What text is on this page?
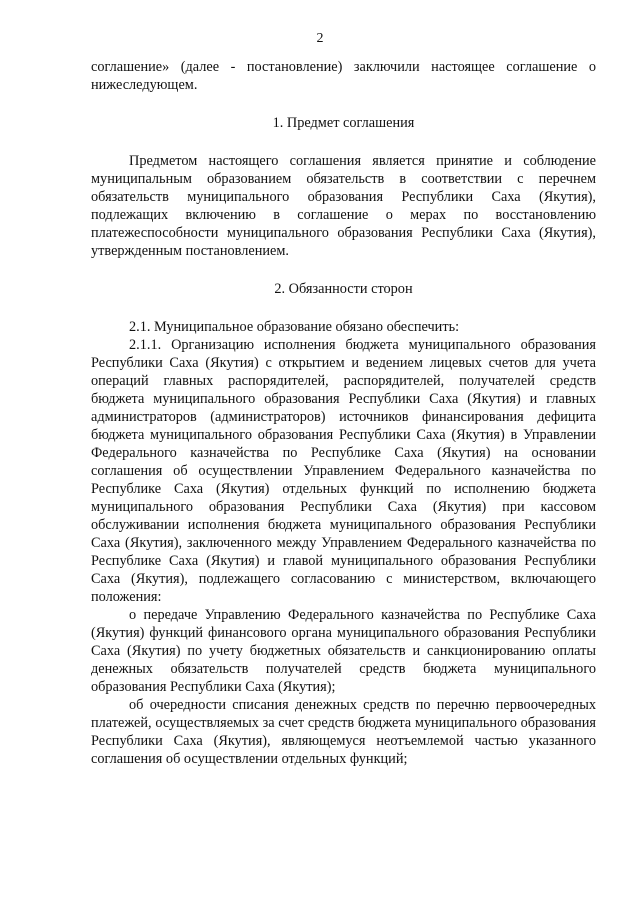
2

соглашение» (далее - постановление) заключили настоящее соглашение о нижеследующем.

1. Предмет соглашения

Предметом настоящего соглашения является принятие и соблюдение муниципальным образованием обязательств в соответствии с перечнем обязательств муниципального образования Республики Саха (Якутия), подлежащих включению в соглашение о мерах по восстановлению платежеспособности муниципального образования Республики Саха (Якутия), утвержденным постановлением.

2. Обязанности сторон

2.1. Муниципальное образование обязано обеспечить:

2.1.1. Организацию исполнения бюджета муниципального образования Республики Саха (Якутия) с открытием и ведением лицевых счетов для учета операций главных распорядителей, распорядителей, получателей средств бюджета муниципального образования Республики Саха (Якутия) и главных администраторов (администраторов) источников финансирования дефицита бюджета муниципального образования Республики Саха (Якутия) в Управлении Федерального казначейства по Республике Саха (Якутия) на основании соглашения об осуществлении Управлением Федерального казначейства по Республике Саха (Якутия) отдельных функций по исполнению бюджета муниципального образования Республики Саха (Якутия) при кассовом обслуживании исполнения бюджета муниципального образования Республики Саха (Якутия), заключенного между Управлением Федерального казначейства по Республике Саха (Якутия) и главой муниципального образования Республики Саха (Якутия), подлежащего согласованию с министерством, включающего положения:

о передаче Управлению Федерального казначейства по Республике Саха (Якутия) функций финансового органа муниципального образования Республики Саха (Якутия) по учету бюджетных обязательств и санкционированию оплаты денежных обязательств получателей средств бюджета муниципального образования Республики Саха (Якутия);

об очередности списания денежных средств по перечню первоочередных платежей, осуществляемых за счет средств бюджета муниципального образования Республики Саха (Якутия), являющемуся неотъемлемой частью указанного соглашения об осуществлении отдельных функций;
